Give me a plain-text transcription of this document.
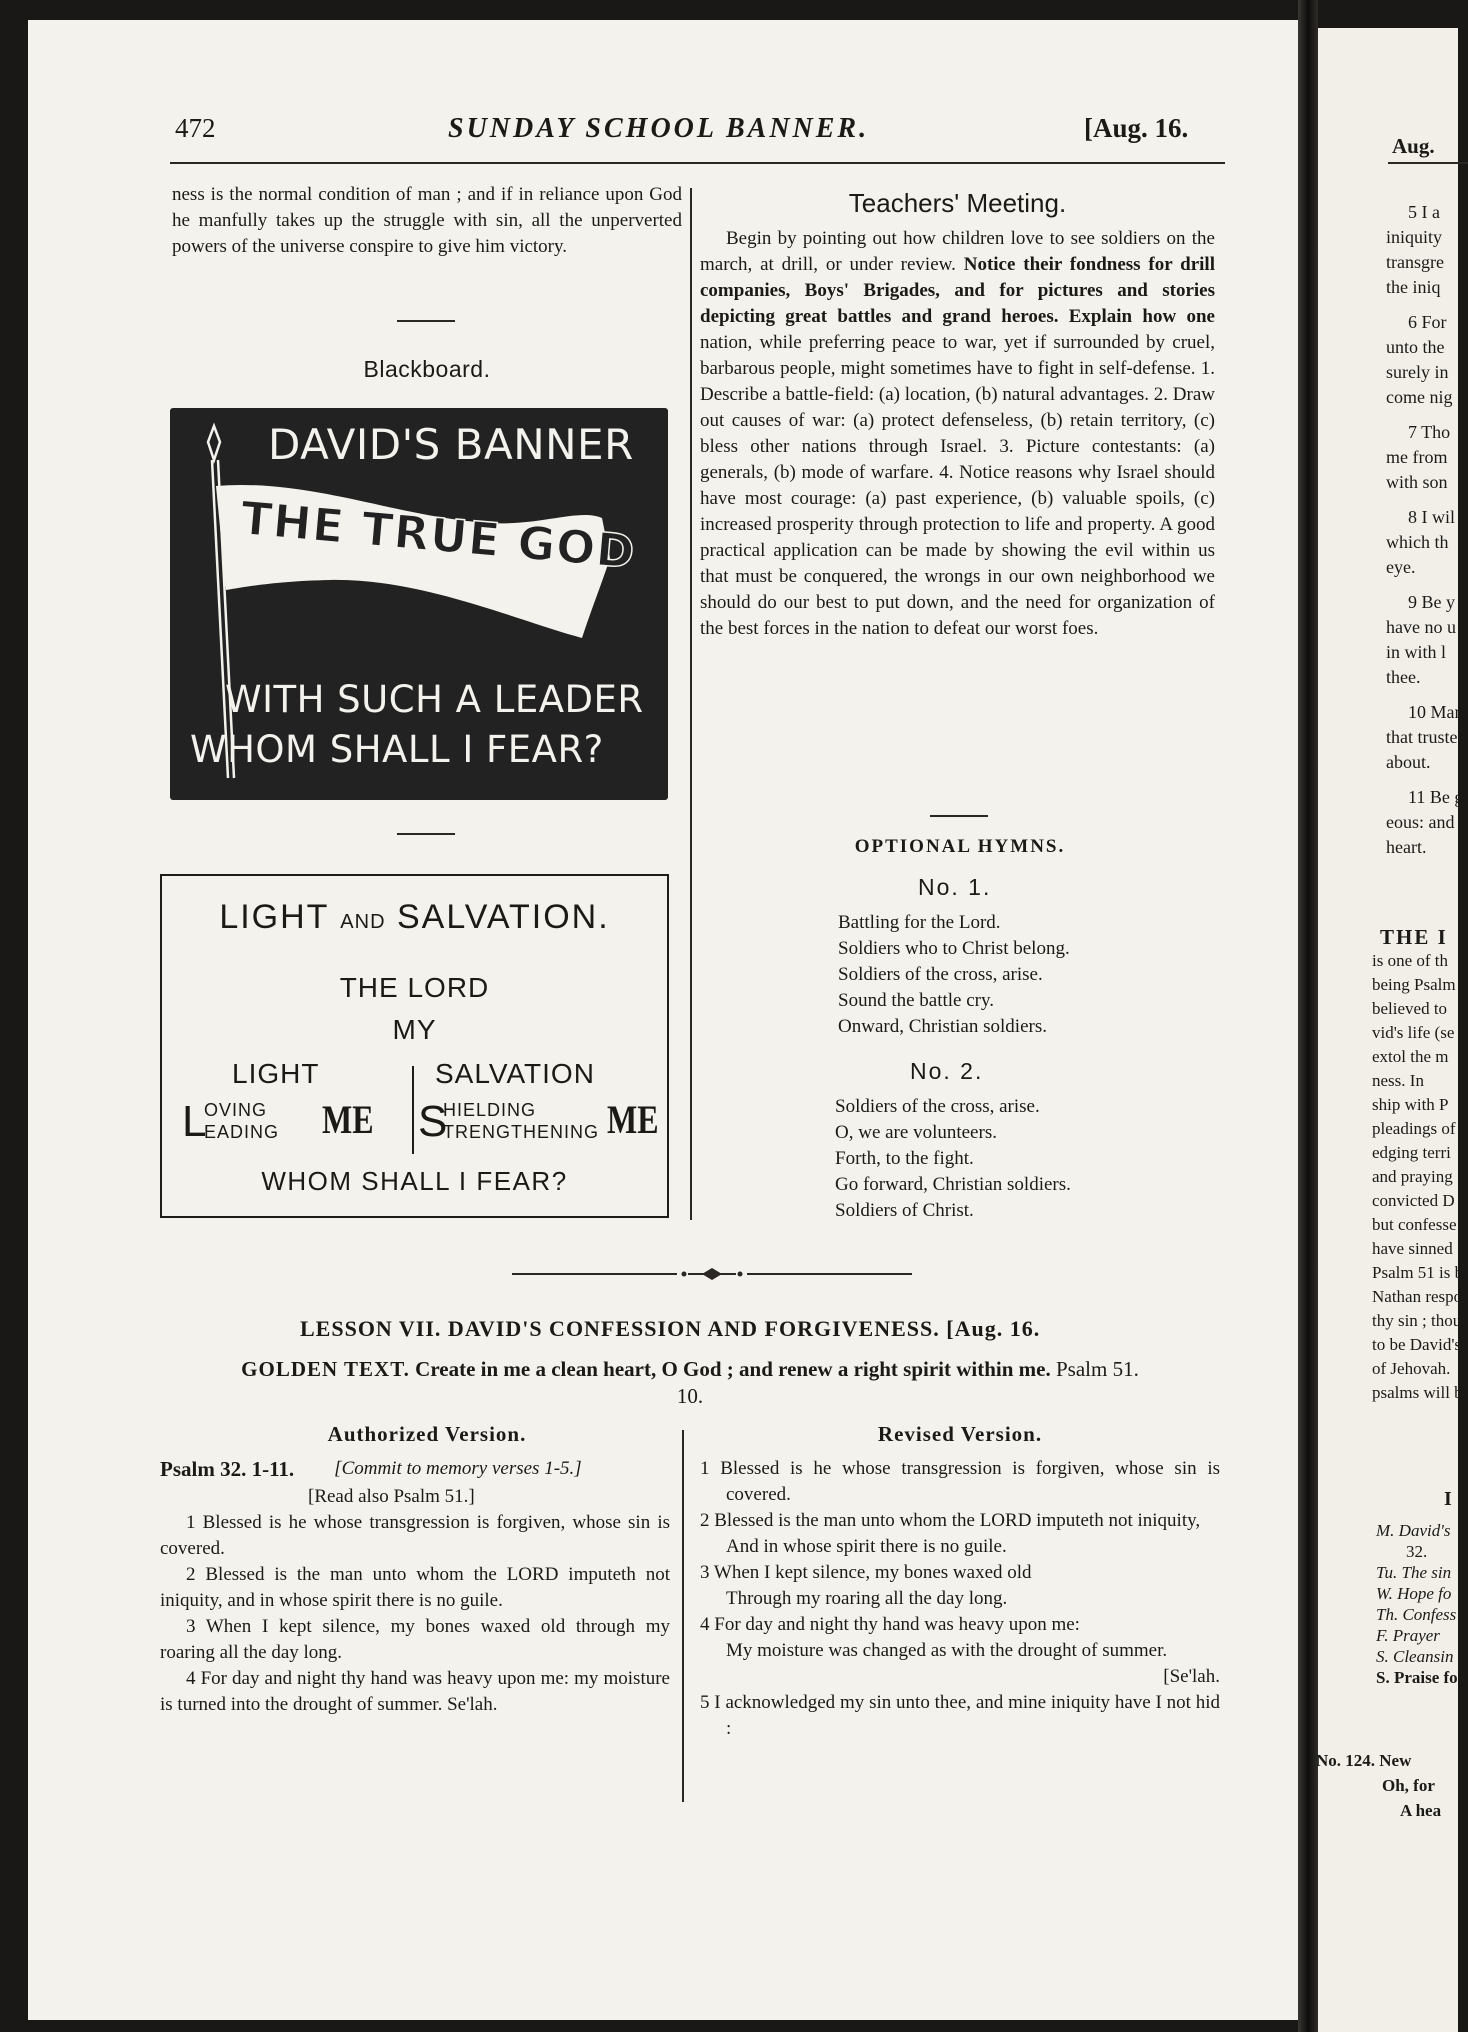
472	SUNDAY SCHOOL BANNER.	[Aug. 16.

ness is the normal condition of man ; and if in reliance upon God he manfully takes up the struggle with sin, all the unperverted powers of the universe conspire to give him victory.

Blackboard.
DAVID'S BANNER
THE TRUE GOD
WITH SUCH A LEADER
WHOM SHALL I FEAR?
LIGHT AND SALVATION.
THE LORD
MY
LIGHT	SALVATION
L
OVING
EADING ME S
HIELDING
TRENGTHENING ME
WHOM SHALL I FEAR?
Teachers' Meeting.
Begin by pointing out how children love to see soldiers on the march, at drill, or under review. Notice their fondness for drill companies, Boys' Brigades, and for pictures and stories depicting great battles and grand heroes. Explain how one nation, while preferring peace to war, yet if surrounded by cruel, barbarous people, might sometimes have to fight in self-defense. 1. Describe a battle-field: (a) location, (b) natural advantages. 2. Draw out causes of war: (a) protect defenseless, (b) retain territory, (c) bless other nations through Israel. 3. Picture contestants: (a) generals, (b) mode of warfare. 4. Notice reasons why Israel should have most courage: (a) past experience, (b) valuable spoils, (c) increased prosperity through protection to life and property. A good practical application can be made by showing the evil within us that must be conquered, the wrongs in our own neighborhood we should do our best to put down, and the need for organization of the best forces in the nation to defeat our worst foes.
OPTIONAL HYMNS.
No. 1.
Battling for the Lord.
Soldiers who to Christ belong.
Soldiers of the cross, arise.
Sound the battle cry.
Onward, Christian soldiers.
No. 2.
Soldiers of the cross, arise.
O, we are volunteers.
Forth, to the fight.
Go forward, Christian soldiers.
Soldiers of Christ.
LESSON VII. DAVID'S CONFESSION AND FORGIVENESS. [Aug. 16.
GOLDEN TEXT. Create in me a clean heart, O God ; and renew a right spirit within me. Psalm 51. 10.
Authorized Version.	Revised Version.
Psalm 32. 1-11. [Commit to memory verses 1-5.]
[Read also Psalm 51.]

1 Blessed is he whose transgression is forgiven, whose sin is covered.

2 Blessed is the man unto whom the LORD imputeth not iniquity, and in whose spirit there is no guile.

3 When I kept silence, my bones waxed old through my roaring all the day long.

4 For day and night thy hand was heavy upon me: my moisture is turned into the drought of summer. Se'lah.

1 Blessed is he whose transgression is forgiven, whose sin is covered.

2 Blessed is the man unto whom the LORD imputeth not iniquity,

And in whose spirit there is no guile.

3 When I kept silence, my bones waxed old

Through my roaring all the day long.

4 For day and night thy hand was heavy upon me:

My moisture was changed as with the drought of summer.

[Se'lah.

5 I acknowledged my sin unto thee, and mine iniquity have I not hid :

Aug.
5 I a
iniquity
transgre
the iniq
6 For
unto the
surely in
come nig
7 Tho
me from
with son
8 I wil
which th
eye.
9 Be y
have no u
in with l
thee.
10 Man
that truste
about.
11 Be g
eous: and
heart.
THE I
is one of th
being Psalm
believed to
vid's life (se
extol the m
ness. In
ship with P
pleadings of
edging terri
and praying
convicted D
but confesse
have sinned
Psalm 51 is b
Nathan respo
thy sin ; thou
to be David's
of Jehovah.
psalms will b
I
M. David's
32.
Tu. The sin
W. Hope fo
Th. Confess
F. Prayer
S. Cleansin
S. Praise fo
No. 124. New
Oh, for
A hea
